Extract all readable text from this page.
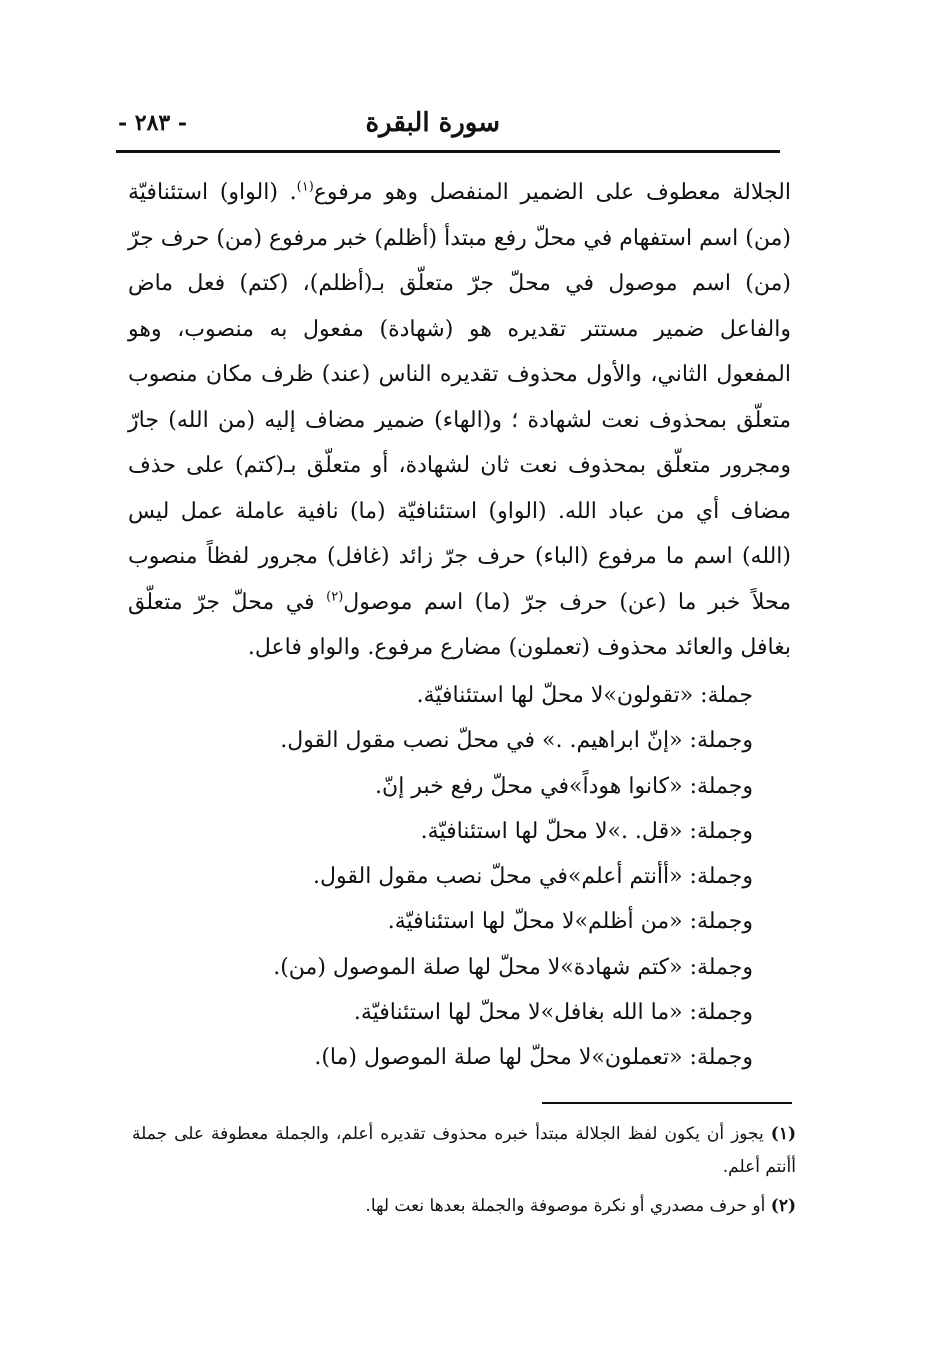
سورة البقرة
- ٢٨٣ -

الجلالة معطوف على الضمير المنفصل وهو مرفوع$^{(١)}$. (الواو) استئنافيّة (من) اسم استفهام في محلّ رفع مبتدأ (أظلم) خبر مرفوع (من) حرف جرّ (من) اسم موصول في محلّ جرّ متعلّق بـ(أظلم)، (كتم) فعل ماض والفاعل ضمير مستتر تقديره هو (شهادة) مفعول به منصوب، وهو المفعول الثاني، والأول محذوف تقديره الناس (عند) ظرف مكان منصوب متعلّق بمحذوف نعت لشهادة ؛ و(الهاء) ضمير مضاف إليه (من الله) جارّ ومجرور متعلّق بمحذوف نعت ثان لشهادة، أو متعلّق بـ(كتم) على حذف مضاف أي من عباد الله. (الواو) استئنافيّة (ما) نافية عاملة عمل ليس (الله) اسم ما مرفوع (الباء) حرف جرّ زائد (غافل) مجرور لفظاً منصوب محلاً خبر ما (عن) حرف جرّ (ما) اسم موصول$^{(٢)}$ في محلّ جرّ متعلّق بغافل والعائد محذوف (تعملون) مضارع مرفوع. والواو فاعل.

جملة: «تقولون»لا محلّ لها استئنافيّة.
وجملة: «إنّ ابراهيم. .» في محلّ نصب مقول القول.
وجملة: «كانوا هوداً»في محلّ رفع خبر إنّ.
وجملة: «قل. .»لا محلّ لها استئنافيّة.
وجملة: «أأنتم أعلم»في محلّ نصب مقول القول.
وجملة: «من أظلم»لا محلّ لها استئنافيّة.
وجملة: «كتم شهادة»لا محلّ لها صلة الموصول (من).
وجملة: «ما الله بغافل»لا محلّ لها استئنافيّة.
وجملة: «تعملون»لا محلّ لها صلة الموصول (ما).

(١) يجوز أن يكون لفظ الجلالة مبتدأ خبره محذوف تقديره أعلم، والجملة معطوفة على جملة أأنتم أعلم.

(٢) أو حرف مصدري أو نكرة موصوفة والجملة بعدها نعت لها.
